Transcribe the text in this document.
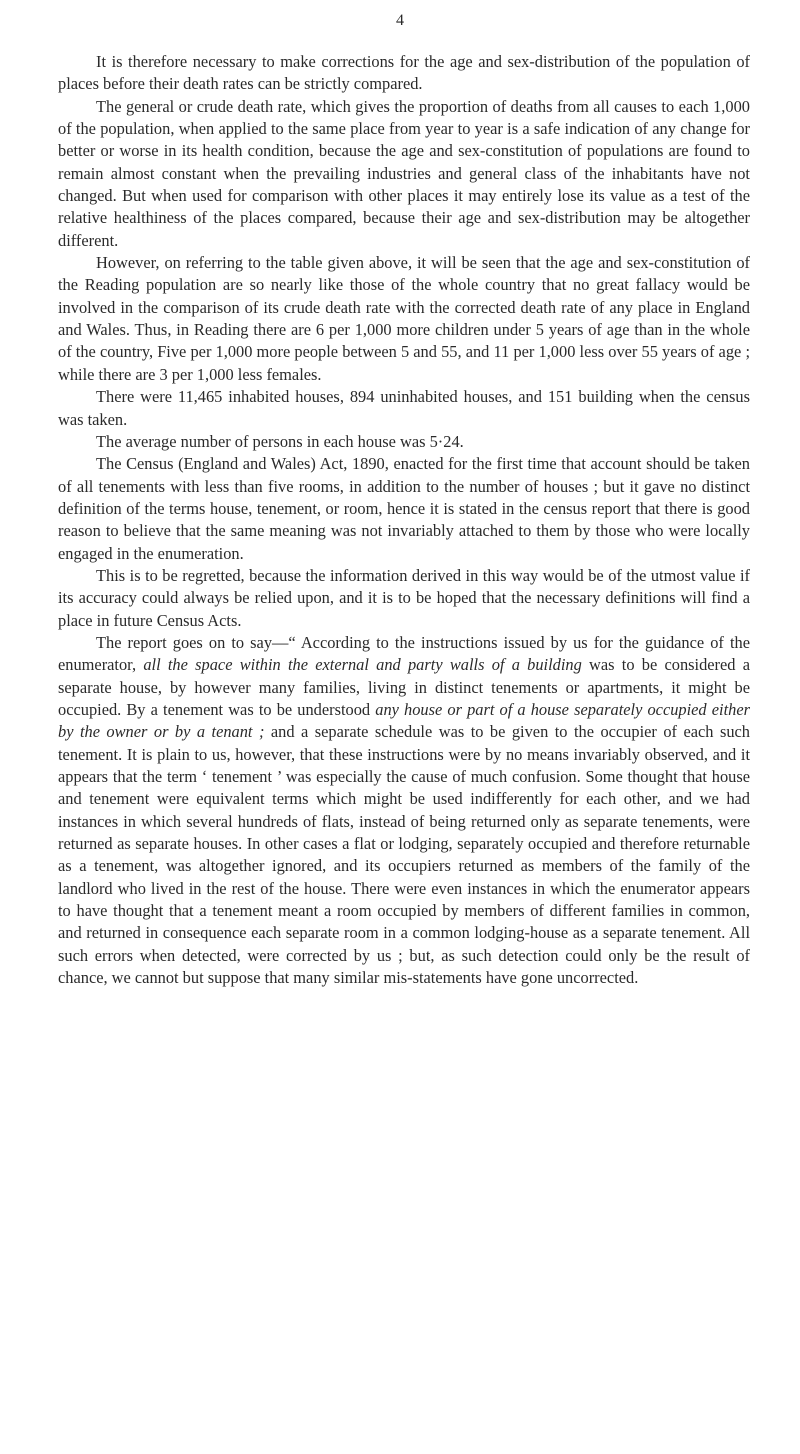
4

It is therefore necessary to make corrections for the age and sex-distribution of the population of places before their death rates can be strictly compared.

The general or crude death rate, which gives the proportion of deaths from all causes to each 1,000 of the population, when applied to the same place from year to year is a safe indication of any change for better or worse in its health condition, because the age and sex-constitution of populations are found to remain almost constant when the prevailing industries and general class of the inhabitants have not changed. But when used for comparison with other places it may entirely lose its value as a test of the relative healthiness of the places compared, because their age and sex-distribution may be altogether different.

However, on referring to the table given above, it will be seen that the age and sex-constitution of the Reading population are so nearly like those of the whole country that no great fallacy would be involved in the comparison of its crude death rate with the corrected death rate of any place in England and Wales. Thus, in Reading there are 6 per 1,000 more children under 5 years of age than in the whole of the country, Five per 1,000 more people between 5 and 55, and 11 per 1,000 less over 55 years of age ; while there are 3 per 1,000 less females.

There were 11,465 inhabited houses, 894 uninhabited houses, and 151 building when the census was taken.

The average number of persons in each house was 5·24.

The Census (England and Wales) Act, 1890, enacted for the first time that account should be taken of all tenements with less than five rooms, in addition to the number of houses ; but it gave no distinct definition of the terms house, tenement, or room, hence it is stated in the census report that there is good reason to believe that the same meaning was not invariably attached to them by those who were locally engaged in the enumeration.

This is to be regretted, because the information derived in this way would be of the utmost value if its accuracy could always be relied upon, and it is to be hoped that the necessary definitions will find a place in future Census Acts.

The report goes on to say—“ According to the instructions issued by us for the guidance of the enumerator, all the space within the external and party walls of a building was to be considered a separate house, by however many families, living in distinct tenements or apartments, it might be occupied. By a tenement was to be understood any house or part of a house separately occupied either by the owner or by a tenant ; and a separate schedule was to be given to the occupier of each such tenement. It is plain to us, however, that these instructions were by no means invariably observed, and it appears that the term ‘ tenement ’ was especially the cause of much confusion. Some thought that house and tenement were equivalent terms which might be used indifferently for each other, and we had instances in which several hundreds of flats, instead of being returned only as separate tenements, were returned as separate houses. In other cases a flat or lodging, separately occupied and therefore returnable as a tenement, was altogether ignored, and its occupiers returned as members of the family of the landlord who lived in the rest of the house. There were even instances in which the enumerator appears to have thought that a tenement meant a room occupied by members of different families in common, and returned in consequence each separate room in a common lodging-house as a separate tenement. All such errors when detected, were corrected by us ; but, as such detection could only be the result of chance, we cannot but suppose that many similar mis-statements have gone uncorrected.
